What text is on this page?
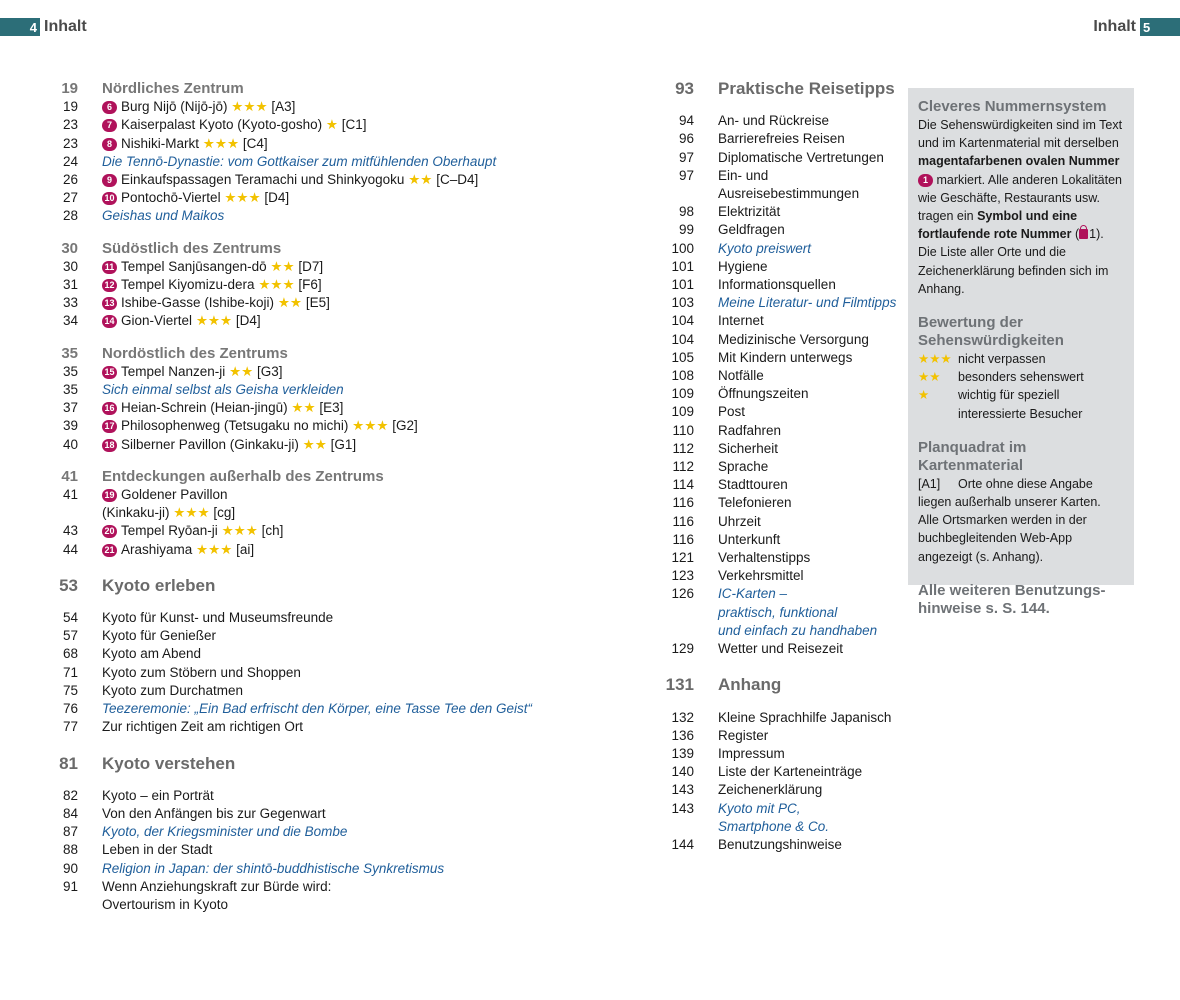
4 Inhalt	Inhalt 5
19 Nördliches Zentrum
19	6 Burg Nijō (Nijō-jō) ★★★ [A3]
23	7 Kaiserpalast Kyoto (Kyoto-gosho) ★ [C1]
23	8 Nishiki-Markt ★★★ [C4]
24 Die Tennō-Dynastie: vom Gottkaiser zum mitfühlenden Oberhaupt
26	9 Einkaufspassagen Teramachi und Shinkyogoku ★★ [C–D4]
27	10 Pontochō-Viertel ★★★ [D4]
28 Geishas und Maikos
30 Südöstlich des Zentrums
30	11 Tempel Sanjūsangen-dō ★★ [D7]
31	12 Tempel Kiyomizu-dera ★★★ [F6]
33	13 Ishibe-Gasse (Ishibe-koji) ★★ [E5]
34	14 Gion-Viertel ★★★ [D4]
35 Nordöstlich des Zentrums
35	15 Tempel Nanzen-ji ★★ [G3]
35 Sich einmal selbst als Geisha verkleiden
37	16 Heian-Schrein (Heian-jingū) ★★ [E3]
39	17 Philosophenweg (Tetsugaku no michi) ★★★ [G2]
40	18 Silberner Pavillon (Ginkaku-ji) ★★ [G1]
41 Entdeckungen außerhalb des Zentrums
41	19 Goldener Pavillon
(Kinkaku-ji) ★★★ [cg]
43	20 Tempel Ryōan-ji ★★★ [ch]
44	21 Arashiyama ★★★ [ai]
53 Kyoto erleben
54 Kyoto für Kunst- und Museumsfreunde
57 Kyoto für Genießer
68 Kyoto am Abend
71 Kyoto zum Stöbern und Shoppen
75 Kyoto zum Durchatmen
76 Teezeremonie: „Ein Bad erfrischt den Körper, eine Tasse Tee den Geist“
77 Zur richtigen Zeit am richtigen Ort
81 Kyoto verstehen
82 Kyoto – ein Porträt
84 Von den Anfängen bis zur Gegenwart
87 Kyoto, der Kriegsminister und die Bombe
88 Leben in der Stadt
90 Religion in Japan: der shintō-buddhistische Synkretismus
91 Wenn Anziehungskraft zur Bürde wird:
Overtourism in Kyoto
93 Praktische Reisetipps
94 An- und Rückreise
96 Barrierefreies Reisen
97 Diplomatische Vertretungen
97 Ein- und
Ausreisebestimmungen
98 Elektrizität
99 Geldfragen
100 Kyoto preiswert
101 Hygiene
101 Informationsquellen
103 Meine Literatur- und Filmtipps
104 Internet
104 Medizinische Versorgung
105 Mit Kindern unterwegs
108 Notfälle
109 Öffnungszeiten
109 Post
110 Radfahren
112 Sicherheit
112 Sprache
114 Stadttouren
116 Telefonieren
116 Uhrzeit
116 Unterkunft
121 Verhaltenstipps
123 Verkehrsmittel
126 IC-Karten –
praktisch, funktional
und einfach zu handhaben
129 Wetter und Reisezeit
131 Anhang
132 Kleine Sprachhilfe Japanisch
136 Register
139 Impressum
140 Liste der Karteneinträge
143 Zeichenerklärung
143 Kyoto mit PC,
Smartphone & Co.
144 Benutzungshinweise
Cleveres Nummernsystem
Die Sehenswürdigkeiten sind im Text und im Kartenmaterial mit derselben magentafarbenen ovalen Nummer 1 markiert. Alle anderen Lokalitäten wie Geschäfte, Restaurants usw. tragen ein Symbol und eine fortlaufende rote Nummer ( 1). Die Liste aller Orte und die Zeichenerklärung befinden sich im Anhang.
Bewertung der
Sehenswürdigkeiten
★★★ nicht verpassen
★★	besonders sehenswert
★	wichtig für speziell interessierte Besucher
Planquadrat im Kartenmaterial
[A1] Orte ohne diese Angabe liegen außerhalb unserer Karten. Alle Ortsmarken werden in der buchbegleitenden Web-App angezeigt (s. Anhang).
Alle weiteren Benutzungs-
hinweise s. S. 144.
